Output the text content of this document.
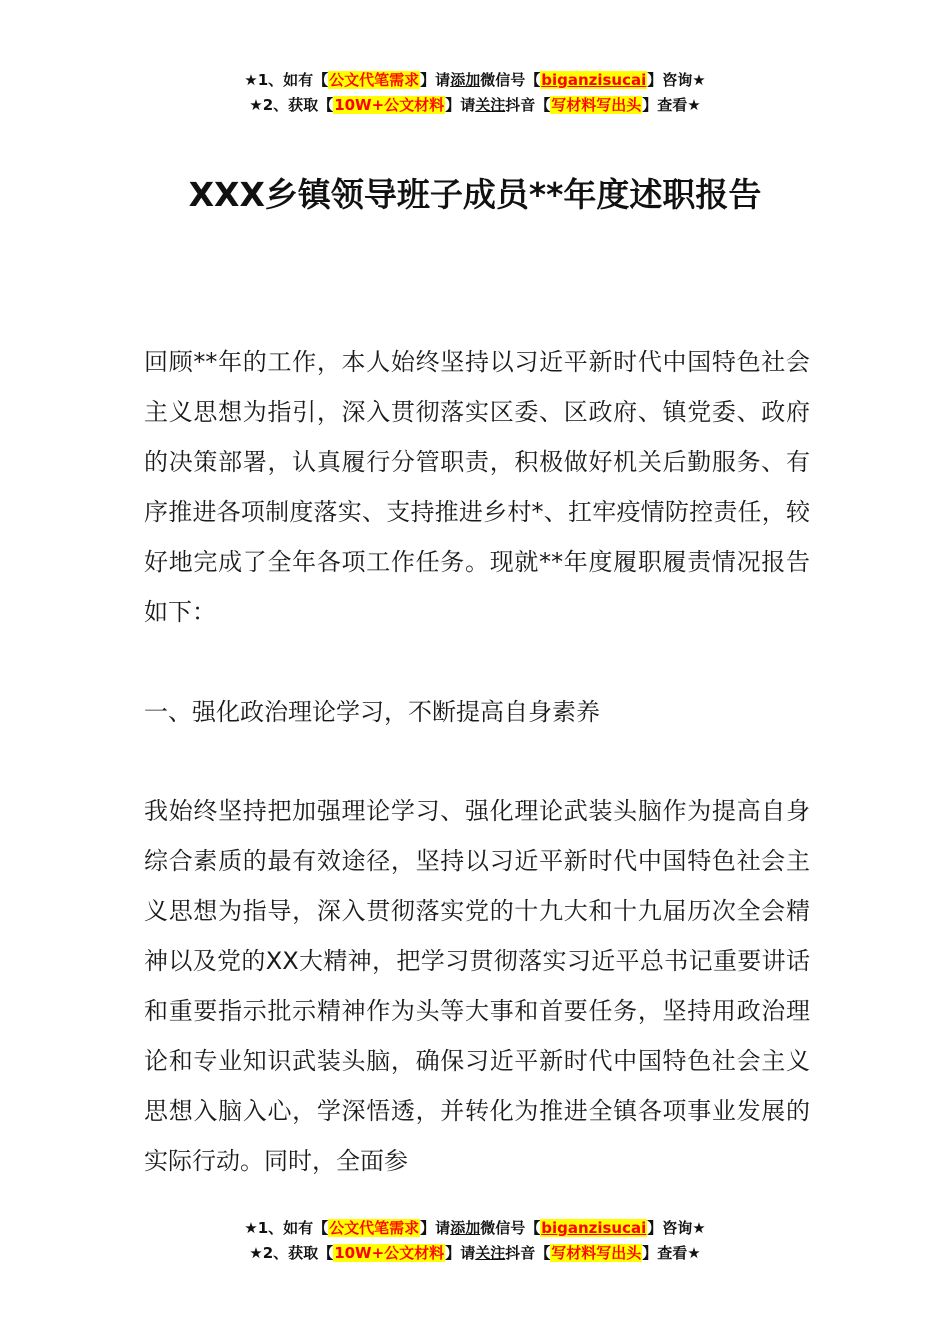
★1、如有【公文代笔需求】请添加微信号【biganzisucai】咨询★
★2、获取【10W+公文材料】请关注抖音【写材料写出头】查看★
XXX乡镇领导班子成员**年度述职报告

回顾**年的工作，本人始终坚持以习近平新时代中国特色社会主义思想为指引，深入贯彻落实区委、区政府、镇党委、政府的决策部署，认真履行分管职责，积极做好机关后勤服务、有序推进各项制度落实、支持推进乡村*、扛牢疫情防控责任，较好地完成了全年各项工作任务。现就**年度履职履责情况报告如下：

一、强化政治理论学习，不断提高自身素养

我始终坚持把加强理论学习、强化理论武装头脑作为提高自身综合素质的最有效途径，坚持以习近平新时代中国特色社会主义思想为指导，深入贯彻落实党的十九大和十九届历次全会精神以及党的XX大精神，把学习贯彻落实习近平总书记重要讲话和重要指示批示精神作为头等大事和首要任务，坚持用政治理论和专业知识武装头脑，确保习近平新时代中国特色社会主义思想入脑入心，学深悟透，并转化为推进全镇各项事业发展的实际行动。同时，全面参

★1、如有【公文代笔需求】请添加微信号【biganzisucai】咨询★
★2、获取【10W+公文材料】请关注抖音【写材料写出头】查看★
